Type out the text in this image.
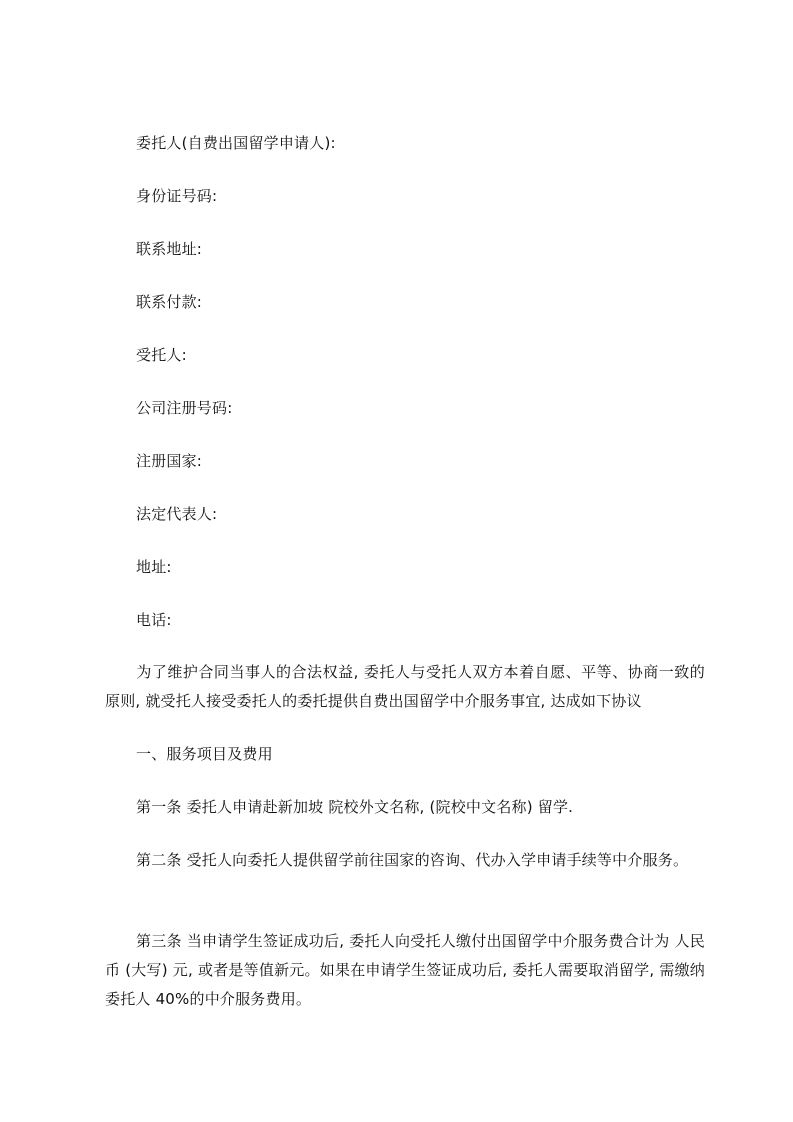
委托人(自费出国留学申请人):
身份证号码:
联系地址:
联系付款:
受托人:
公司注册号码:
注册国家:
法定代表人:
地址:
电话:
为了维护合同当事人的合法权益, 委托人与受托人双方本着自愿、平等、协商一致的原则, 就受托人接受委托人的委托提供自费出国留学中介服务事宜, 达成如下协议
一、服务项目及费用
第一条 委托人申请赴新加坡 院校外文名称, (院校中文名称) 留学.
第二条 受托人向委托人提供留学前往国家的咨询、代办入学申请手续等中介服务。
第三条 当申请学生签证成功后, 委托人向受托人缴付出国留学中介服务费合计为 人民币 (大写) 元, 或者是等值新元。如果在申请学生签证成功后, 委托人需要取消留学, 需缴纳委托人 40%的中介服务费用。
